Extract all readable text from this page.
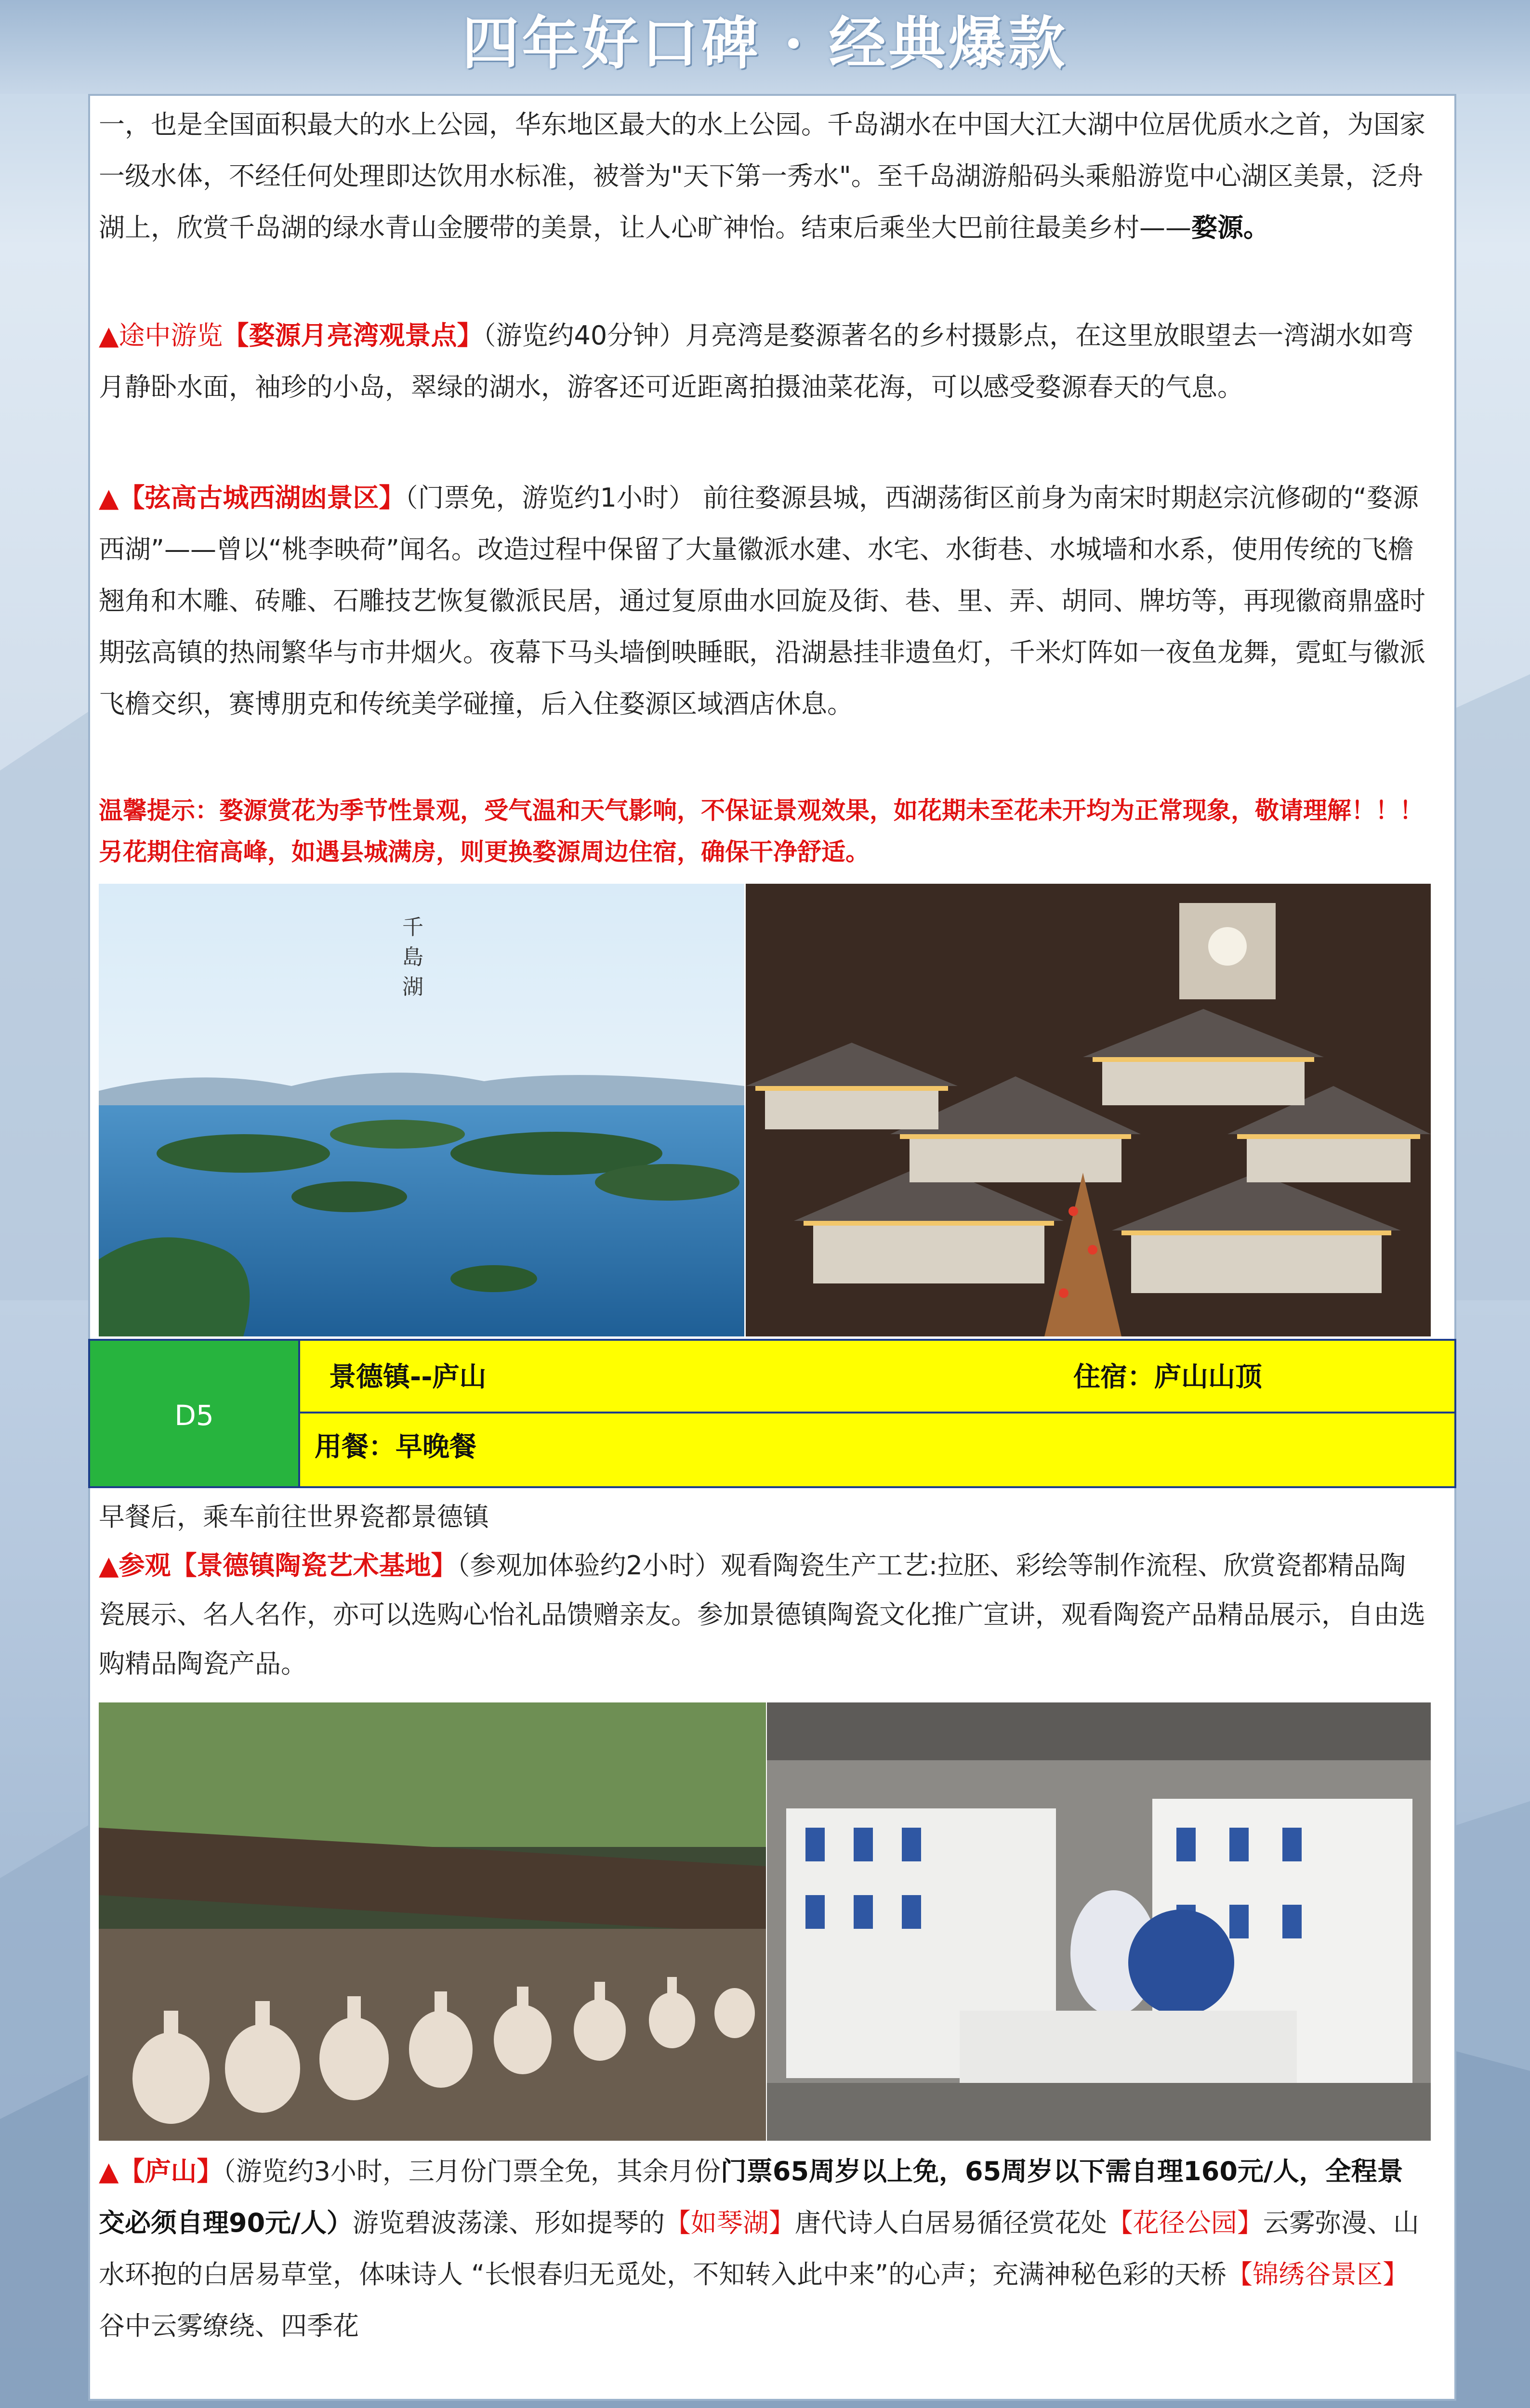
四年好口碑 · 经典爆款

一，也是全国面积最大的水上公园，华东地区最大的水上公园。千岛湖水在中国大江大湖中位居优质水之首，为国家一级水体，不经任何处理即达饮用水标准，被誉为"天下第一秀水"。至千岛湖游船码头乘船游览中心湖区美景，泛舟湖上，欣赏千岛湖的绿水青山金腰带的美景，让人心旷神怡。结束后乘坐大巴前往最美乡村——婺源。

▲途中游览【婺源月亮湾观景点】（游览约40分钟）月亮湾是婺源著名的乡村摄影点，在这里放眼望去一湾湖水如弯月静卧水面，袖珍的小岛，翠绿的湖水，游客还可近距离拍摄油菜花海，可以感受婺源春天的气息。

▲【弦高古城西湖凼景区】（门票免，游览约1小时） 前往婺源县城，西湖荡街区前身为南宋时期赵宗沆修砌的“婺源西湖”——曾以“桃李映荷”闻名。改造过程中保留了大量徽派水建、水宅、水街巷、水城墙和水系，使用传统的飞檐翘角和木雕、砖雕、石雕技艺恢复徽派民居，通过复原曲水回旋及街、巷、里、弄、胡同、牌坊等，再现徽商鼎盛时期弦高镇的热闹繁华与市井烟火。夜幕下马头墙倒映睡眠，沿湖悬挂非遗鱼灯，千米灯阵如一夜鱼龙舞，霓虹与徽派飞檐交织，赛博朋克和传统美学碰撞，后入住婺源区域酒店休息。

温馨提示：婺源赏花为季节性景观，受气温和天气影响，不保证景观效果，如花期未至花未开均为正常现象，敬请理解！！！另花期住宿高峰，如遇县城满房，则更换婺源周边住宿，确保干净舒适。

千島湖
D5
景德镇--庐山	住宿：庐山山顶
用餐：早晚餐

早餐后，乘车前往世界瓷都景德镇

▲参观【景德镇陶瓷艺术基地】（参观加体验约2小时）观看陶瓷生产工艺:拉胚、彩绘等制作流程、欣赏瓷都精品陶瓷展示、名人名作，亦可以选购心怡礼品馈赠亲友。参加景德镇陶瓷文化推广宣讲，观看陶瓷产品精品展示，自由选购精品陶瓷产品。

▲【庐山】（游览约3小时，三月份门票全免，其余月份门票65周岁以上免，65周岁以下需自理160元/人，全程景交必须自理90元/人）游览碧波荡漾、形如提琴的【如琴湖】唐代诗人白居易循径赏花处【花径公园】云雾弥漫、山水环抱的白居易草堂，体味诗人 “长恨春归无觅处，不知转入此中来”的心声；充满神秘色彩的天桥【锦绣谷景区】谷中云雾缭绕、四季花
